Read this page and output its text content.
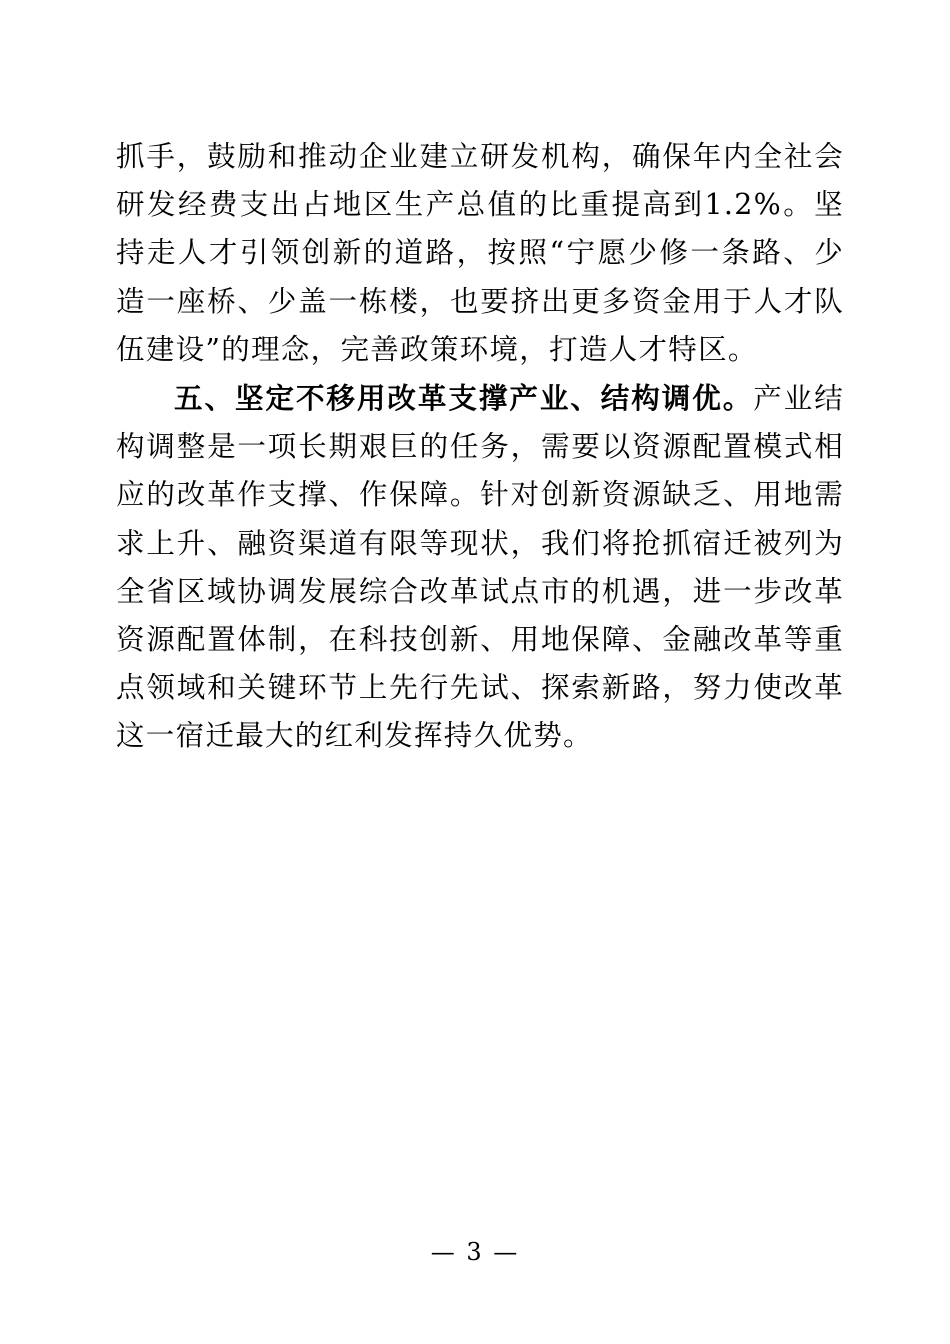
抓手，鼓励和推动企业建立研发机构，确保年内全社会研发经费支出占地区生产总值的比重提高到1.2%。坚持走人才引领创新的道路，按照“宁愿少修一条路、少造一座桥、少盖一栋楼，也要挤出更多资金用于人才队伍建设”的理念，完善政策环境，打造人才特区。

五、坚定不移用改革支撑产业、结构调优。产业结构调整是一项长期艰巨的任务，需要以资源配置模式相应的改革作支撑、作保障。针对创新资源缺乏、用地需求上升、融资渠道有限等现状，我们将抢抓宿迁被列为全省区域协调发展综合改革试点市的机遇，进一步改革资源配置体制，在科技创新、用地保障、金融改革等重点领域和关键环节上先行先试、探索新路，努力使改革这一宿迁最大的红利发挥持久优势。

— 3 —
